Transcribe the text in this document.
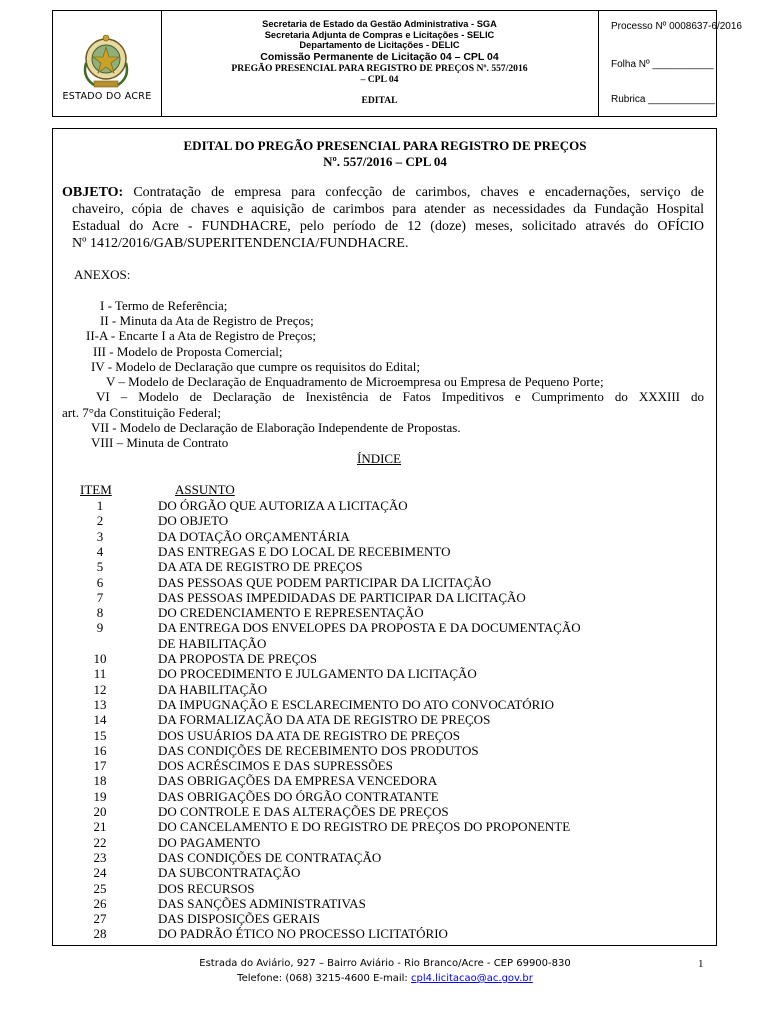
ESTADO DO ACRE
Secretaria de Estado da Gestão Administrativa - SGA
Secretaria Adjunta de Compras e Licitações - SELIC
Departamento de Licitações - DELIC
Comissão Permanente de Licitação 04 – CPL 04
PREGÃO PRESENCIAL PARA REGISTRO DE PREÇOS Nº. 557/2016
– CPL 04
EDITAL
Processo Nº 0008637-6/2016
Folha Nº ___________
Rubrica ____________
EDITAL DO PREGÃO PRESENCIAL PARA REGISTRO DE PREÇOS
Nº. 557/2016 – CPL 04
OBJETO: Contratação de empresa para confecção de carimbos, chaves e encadernações, serviço de
chaveiro, cópia de chaves e aquisição de carimbos para atender as necessidades da Fundação Hospital
Estadual do Acre - FUNDHACRE, pelo período de 12 (doze) meses, solicitado através do OFÍCIO
Nº 1412/2016/GAB/SUPERITENDENCIA/FUNDHACRE.
ANEXOS:
I - Termo de Referência;
II - Minuta da Ata de Registro de Preços;
II-A - Encarte I a Ata de Registro de Preços;
III - Modelo de Proposta Comercial;
IV - Modelo de Declaração que cumpre os requisitos do Edital;
V – Modelo de Declaração de Enquadramento de Microempresa ou Empresa de Pequeno Porte;
VI – Modelo de Declaração de Inexistência de Fatos Impeditivos e Cumprimento do XXXIII do
art. 7°da Constituição Federal;
VII - Modelo de Declaração de Elaboração Independente de Propostas.
VIII – Minuta de Contrato
ÍNDICE
ITEM	ASSUNTO
1	DO ÓRGÃO QUE AUTORIZA A LICITAÇÃO
2	DO OBJETO
3	DA DOTAÇÃO ORÇAMENTÁRIA
4	DAS ENTREGAS E DO LOCAL DE RECEBIMENTO
5	DA ATA DE REGISTRO DE PREÇOS
6	DAS PESSOAS QUE PODEM PARTICIPAR DA LICITAÇÃO
7	DAS PESSOAS IMPEDIDADAS DE PARTICIPAR DA LICITAÇÃO
8	DO CREDENCIAMENTO E REPRESENTAÇÃO
9	DA ENTREGA DOS ENVELOPES DA PROPOSTA E DA DOCUMENTAÇÃO
DE HABILITAÇÃO
10	DA PROPOSTA DE PREÇOS
11	DO PROCEDIMENTO E JULGAMENTO DA LICITAÇÃO
12	DA HABILITAÇÃO
13	DA IMPUGNAÇÃO E ESCLARECIMENTO DO ATO CONVOCATÓRIO
14	DA FORMALIZAÇÃO DA ATA DE REGISTRO DE PREÇOS
15	DOS USUÁRIOS DA ATA DE REGISTRO DE PREÇOS
16	DAS CONDIÇÕES DE RECEBIMENTO DOS PRODUTOS
17	DOS ACRÉSCIMOS E DAS SUPRESSÕES
18	DAS OBRIGAÇÕES DA EMPRESA VENCEDORA
19	DAS OBRIGAÇÕES DO ÓRGÃO CONTRATANTE
20	DO CONTROLE E DAS ALTERAÇÕES DE PREÇOS
21	DO CANCELAMENTO E DO REGISTRO DE PREÇOS DO PROPONENTE
22	DO PAGAMENTO
23	DAS CONDIÇÕES DE CONTRATAÇÃO
24	DA SUBCONTRATAÇÃO
25	DOS RECURSOS
26	DAS SANÇÕES ADMINISTRATIVAS
27	DAS DISPOSIÇÕES GERAIS
28	DO PADRÃO ÉTICO NO PROCESSO LICITATÓRIO
Estrada do Aviário, 927 – Bairro Aviário - Rio Branco/Acre - CEP 69900-830
Telefone: (068) 3215-4600 E-mail: cpl4.licitacao@ac.gov.br
1
